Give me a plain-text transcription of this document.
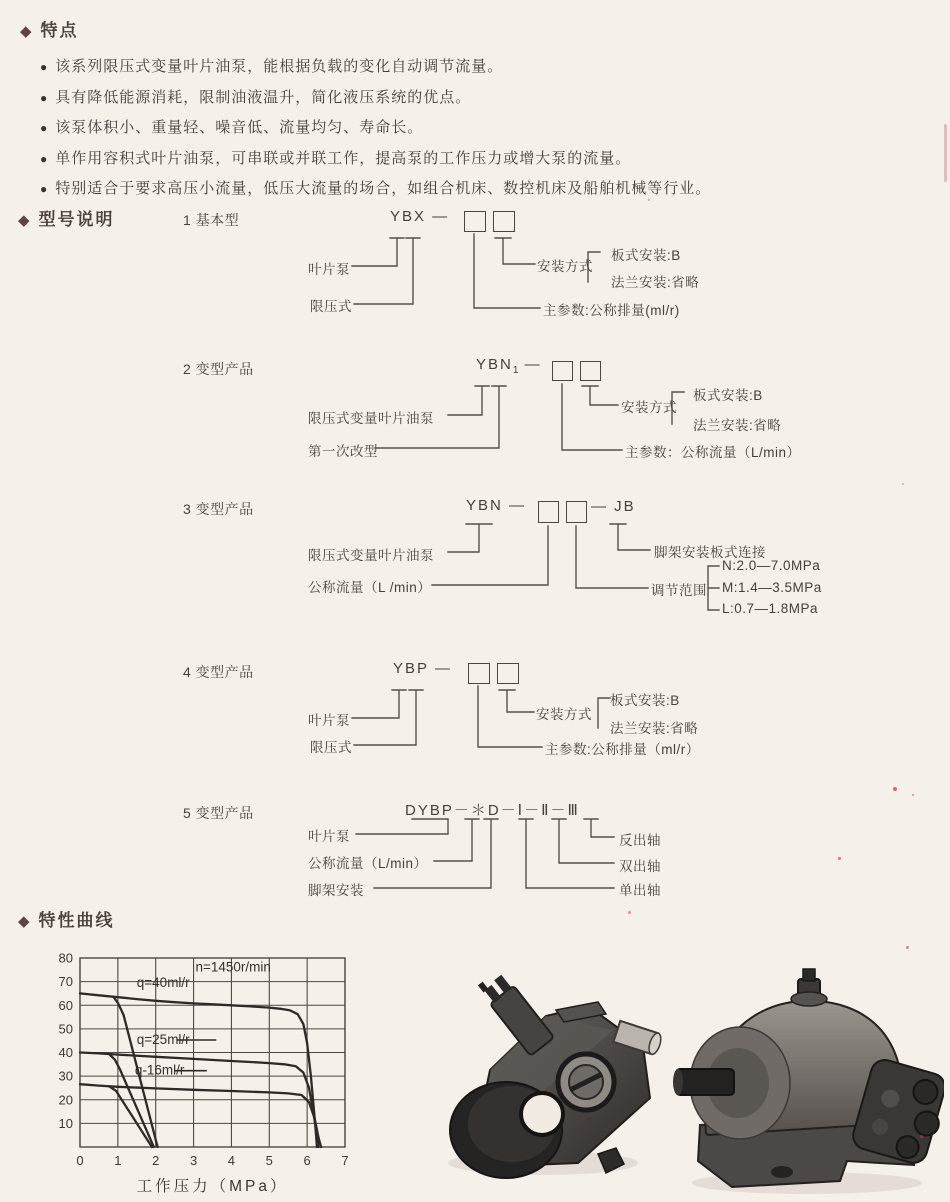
◆ 特点
● 该系列限压式变量叶片油泵，能根据负载的变化自动调节流量。
● 具有降低能源消耗，限制油液温升，简化液压系统的优点。
● 该泵体积小、重量轻、噪音低、流量均匀、寿命长。
● 单作用容积式叶片油泵，可串联或并联工作，提高泵的工作压力或增大泵的流量。
● 特别适合于要求高压小流量，低压大流量的场合，如组合机床、数控机床及船舶机械等行业。
◆ 型号说明	1 基本型	YBX —
叶片泵
限压式
安装方式
板式安装:B
法兰安装:省略
主参数:公称排量(ml/r)
2 变型产品	$YBN_1$ —
限压式变量叶片油泵
第一次改型
安装方式
板式安装:B
法兰安装:省略
主参数：公称流量（L/min）
3 变型产品	YBN —	— JB
限压式变量叶片油泵
公称流量（L /min）
脚架安装板式连接
调节范围
N:2.0—7.0MPa
M:1.4—3.5MPa
L:0.7—1.8MPa
4 变型产品	YBP —
叶片泵
限压式
安装方式
板式安装:B
法兰安装:省略
主参数:公称排量（ml/r）
5 变型产品	DYBP－＊D－Ⅰ－Ⅱ－Ⅲ
叶片泵
公称流量（L/min）
脚架安装
反出轴
双出轴
单出轴
◆ 特性曲线
0 1 2 3 4 5 6 7
10
20
30
40
50
60
70
80
q=40ml/r
q=25ml/r
q-16ml/r
n=1450r/min
工作压力（MPa）
